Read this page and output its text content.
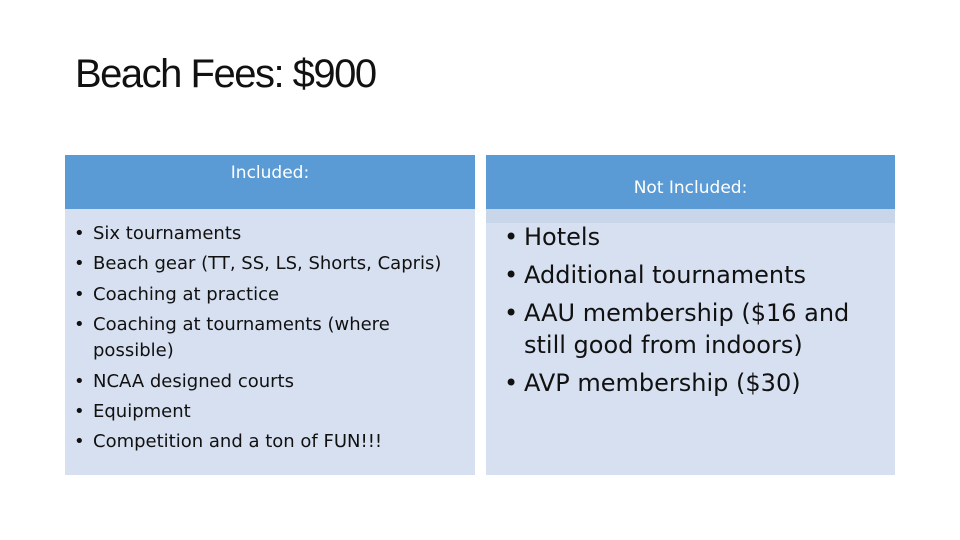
Beach Fees: $900
Included:
• Six tournaments
• Beach gear (TT, SS, LS, Shorts, Capris)
• Coaching at practice
• Coaching at tournaments (where possible)
• NCAA designed courts
• Equipment
• Competition and a ton of FUN!!!
Not Included:
• Hotels
• Additional tournaments
• AAU membership ($16 and still good from indoors)
• AVP membership ($30)
